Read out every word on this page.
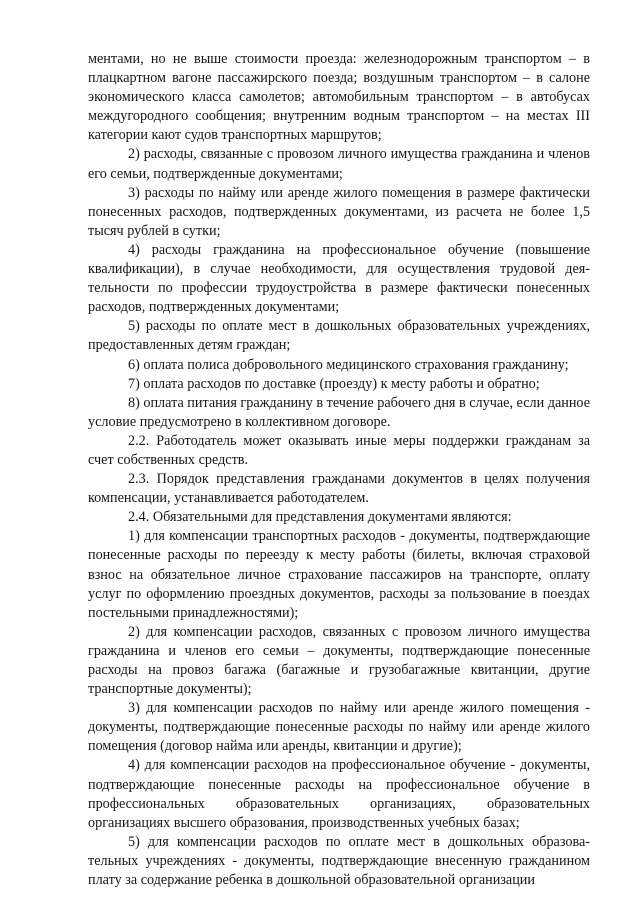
ментами, но не выше стоимости проезда: железнодорожным транспортом – в плацкартном вагоне пассажирского поезда; воздушным транспортом – в салоне экономического класса самолетов; автомобильным транспортом – в автобусах междугородного сообщения; внутренним водным транспортом – на местах III категории кают судов транспортных маршрутов;

2) расходы, связанные с провозом личного имущества гражданина и членов его семьи, подтвержденные документами;

3) расходы по найму или аренде жилого помещения в размере фактически понесенных расходов, подтвержденных документами, из расчета не более 1,5 тысяч рублей в сутки;

4) расходы гражданина на профессиональное обучение (повышение квалификации), в случае необходимости, для осуществления трудовой деятельности по профессии трудоустройства в размере фактически понесенных расходов, подтвержденных документами;

5) расходы по оплате мест в дошкольных образовательных учреждениях, предоставленных детям граждан;

6) оплата полиса добровольного медицинского страхования гражданину;

7) оплата расходов по доставке (проезду) к месту работы и обратно;

8) оплата питания гражданину в течение рабочего дня в случае, если данное условие предусмотрено в коллективном договоре.

2.2. Работодатель может оказывать иные меры поддержки гражданам за счет собственных средств.

2.3. Порядок представления гражданами документов в целях получения компенсации, устанавливается работодателем.

2.4. Обязательными для представления документами являются:

1) для компенсации транспортных расходов - документы, подтверждающие понесенные расходы по переезду к месту работы (билеты, включая страховой взнос на обязательное личное страхование пассажиров на транспорте, оплату услуг по оформлению проездных документов, расходы за пользование в поездах постельными принадлежностями);

2) для компенсации расходов, связанных с провозом личного имущества гражданина и членов его семьи – документы, подтверждающие понесенные расходы на провоз багажа (багажные и грузобагажные квитанции, другие транспортные документы);

3) для компенсации расходов по найму или аренде жилого помещения - документы, подтверждающие понесенные расходы по найму или аренде жилого помещения (договор найма или аренды, квитанции и другие);

4) для компенсации расходов на профессиональное обучение - документы, подтверждающие понесенные расходы на профессиональное обучение в профессиональных образовательных организациях, образовательных организациях высшего образования, производственных учебных базах;

5) для компенсации расходов по оплате мест в дошкольных образовательных учреждениях - документы, подтверждающие внесенную гражданином плату за содержание ребенка в дошкольной образовательной организации
